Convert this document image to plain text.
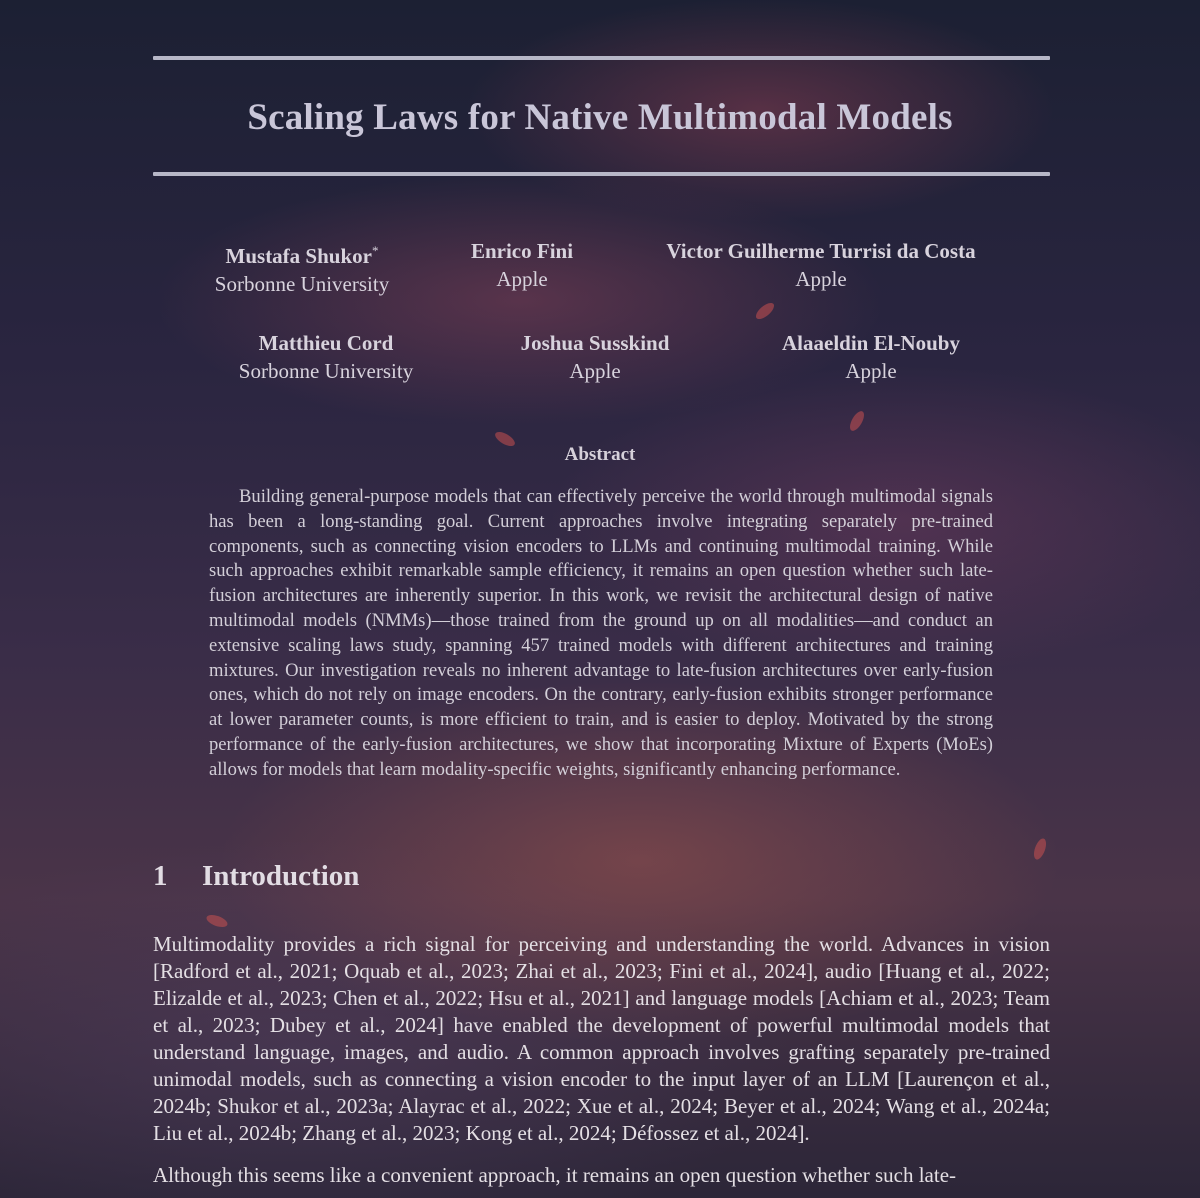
Scaling Laws for Native Multimodal Models
Mustafa Shukor*
Sorbonne University
Enrico Fini
Apple
Victor Guilherme Turrisi da Costa
Apple
Matthieu Cord
Sorbonne University
Joshua Susskind
Apple
Alaaeldin El-Nouby
Apple
Abstract

Building general-purpose models that can effectively perceive the world through multimodal signals has been a long-standing goal. Current approaches involve integrating separately pre-trained components, such as connecting vision encoders to LLMs and continuing multimodal training. While such approaches exhibit remarkable sample efficiency, it remains an open question whether such late-fusion architectures are inherently superior. In this work, we revisit the architectural design of native multimodal models (NMMs)—those trained from the ground up on all modalities—and conduct an extensive scaling laws study, spanning 457 trained models with different architectures and training mixtures. Our investigation reveals no inherent advantage to late-fusion architectures over early-fusion ones, which do not rely on image encoders. On the contrary, early-fusion exhibits stronger performance at lower parameter counts, is more efficient to train, and is easier to deploy. Motivated by the strong performance of the early-fusion architectures, we show that incorporating Mixture of Experts (MoEs) allows for models that learn modality-specific weights, significantly enhancing performance.

1 Introduction

Multimodality provides a rich signal for perceiving and understanding the world. Advances in vision [Radford et al., 2021; Oquab et al., 2023; Zhai et al., 2023; Fini et al., 2024], audio [Huang et al., 2022; Elizalde et al., 2023; Chen et al., 2022; Hsu et al., 2021] and language models [Achiam et al., 2023; Team et al., 2023; Dubey et al., 2024] have enabled the development of powerful multimodal models that understand language, images, and audio. A common approach involves grafting separately pre-trained unimodal models, such as connecting a vision encoder to the input layer of an LLM [Laurençon et al., 2024b; Shukor et al., 2023a; Alayrac et al., 2022; Xue et al., 2024; Beyer et al., 2024; Wang et al., 2024a; Liu et al., 2024b; Zhang et al., 2023; Kong et al., 2024; Défossez et al., 2024].

Although this seems like a convenient approach, it remains an open question whether such late-
